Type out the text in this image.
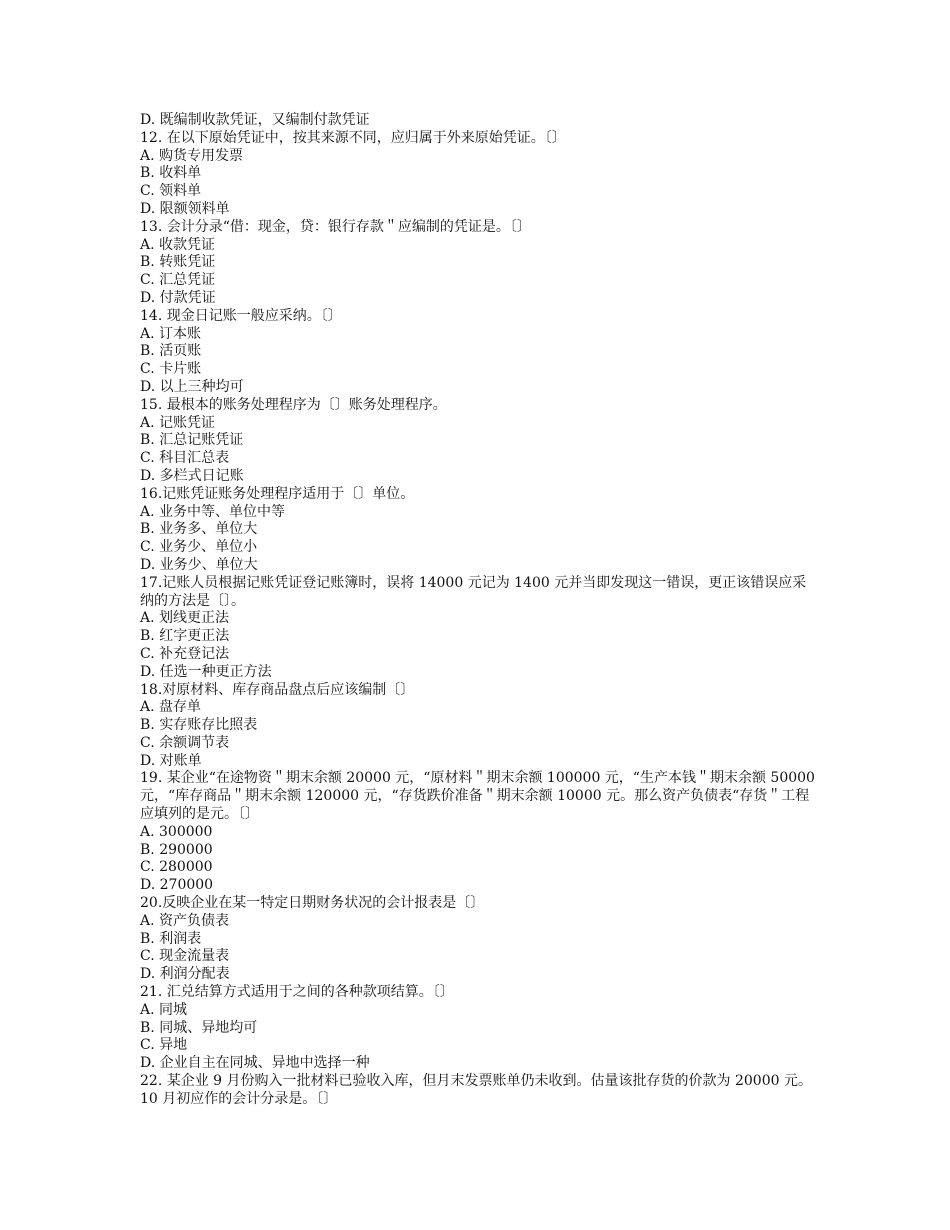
D. 既编制收款凭证，又编制付款凭证
12. 在以下原始凭证中，按其来源不同，应归属于外来原始凭证。〔〕
A. 购货专用发票
B. 收料单
C. 领料单
D. 限额领料单
13. 会计分录“借：现金，贷：银行存款＂应编制的凭证是。〔〕
A. 收款凭证
B. 转账凭证
C. 汇总凭证
D. 付款凭证
14. 现金日记账一般应采纳。〔〕
A. 订本账
B. 活页账
C. 卡片账
D. 以上三种均可
15. 最根本的账务处理程序为〔〕账务处理程序。
A. 记账凭证
B. 汇总记账凭证
C. 科目汇总表
D. 多栏式日记账
16.记账凭证账务处理程序适用于〔〕单位。
A. 业务中等、单位中等
B. 业务多、单位大
C. 业务少、单位小
D. 业务少、单位大
17.记账人员根据记账凭证登记账簿时，误将 14000 元记为 1400 元并当即发现这一错误，更正该错误应采纳的方法是〔〕。
A. 划线更正法
B. 红字更正法
C. 补充登记法
D. 任选一种更正方法
18.对原材料、库存商品盘点后应该编制〔〕
A. 盘存单
B. 实存账存比照表
C. 余额调节表
D. 对账单
19. 某企业“在途物资＂期末余额 20000 元，“原材料＂期末余额 100000 元，“生产本钱＂期末余额 50000 元，“库存商品＂期末余额 120000 元，“存货跌价准备＂期末余额 10000 元。那么资产负债表“存货＂工程应填列的是元。〔〕
A. 300000
B. 290000
C. 280000
D. 270000
20.反映企业在某一特定日期财务状况的会计报表是〔〕
A. 资产负债表
B. 利润表
C. 现金流量表
D. 利润分配表
21. 汇兑结算方式适用于之间的各种款项结算。〔〕
A. 同城
B. 同城、异地均可
C. 异地
D. 企业自主在同城、异地中选择一种
22. 某企业 9 月份购入一批材料已验收入库，但月末发票账单仍未收到。估量该批存货的价款为 20000 元。10 月初应作的会计分录是。〔〕
